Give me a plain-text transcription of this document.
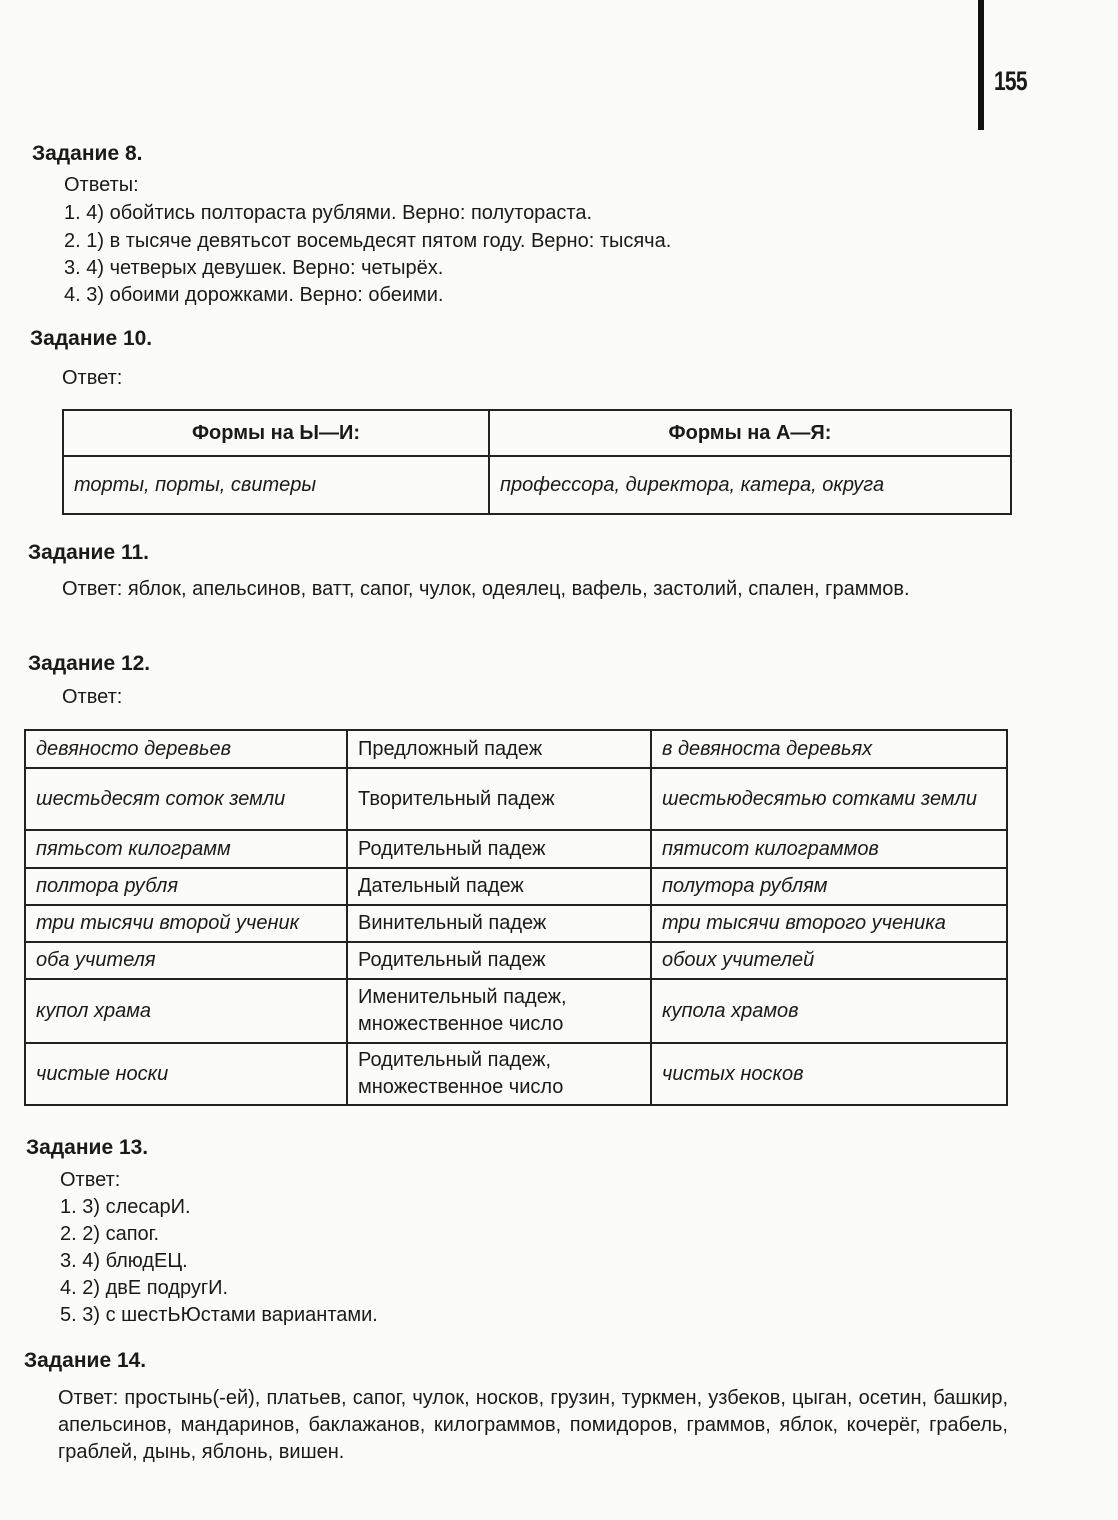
155
Задание 8.
Ответы:
1. 4) обойтись полтораста рублями. Верно: полутораста.
2. 1) в тысяче девятьсот восемьдесят пятом году. Верно: тысяча.
3. 4) четверых девушек. Верно: четырёх.
4. 3) обоими дорожками. Верно: обеими.
Задание 10.
Ответ:
Формы на Ы—И:	Формы на А—Я:
торты, порты, свитеры	профессора, директора, катера, округа
Задание 11.
Ответ: яблок, апельсинов, ватт, сапог, чулок, одеялец, вафель, застолий, спален, граммов.
Задание 12.
Ответ:
девяносто деревьев	Предложный падеж	в девяноста деревьях
шестьдесят соток земли	Творительный падеж	шестьюдесятью сотками земли
пятьсот килограмм	Родительный падеж	пятисот килограммов
полтора рубля	Дательный падеж	полутора рублям
три тысячи второй ученик	Винительный падеж	три тысячи второго ученика
оба учителя	Родительный падеж	обоих учителей
купол храма	Именительный падеж, множественное число	купола храмов
чистые носки	Родительный падеж, множественное число	чистых носков
Задание 13.
Ответ:
1. 3) слесарИ.
2. 2) сапог.
3. 4) блюдЕЦ.
4. 2) двЕ подругИ.
5. 3) с шестЬЮстами вариантами.
Задание 14.
Ответ: простынь(-ей), платьев, сапог, чулок, носков, грузин, туркмен, узбеков, цыган, осетин, башкир, апельсинов, мандаринов, баклажанов, килограммов, помидоров, граммов, яблок, кочерёг, грабель, граблей, дынь, яблонь, вишен.
